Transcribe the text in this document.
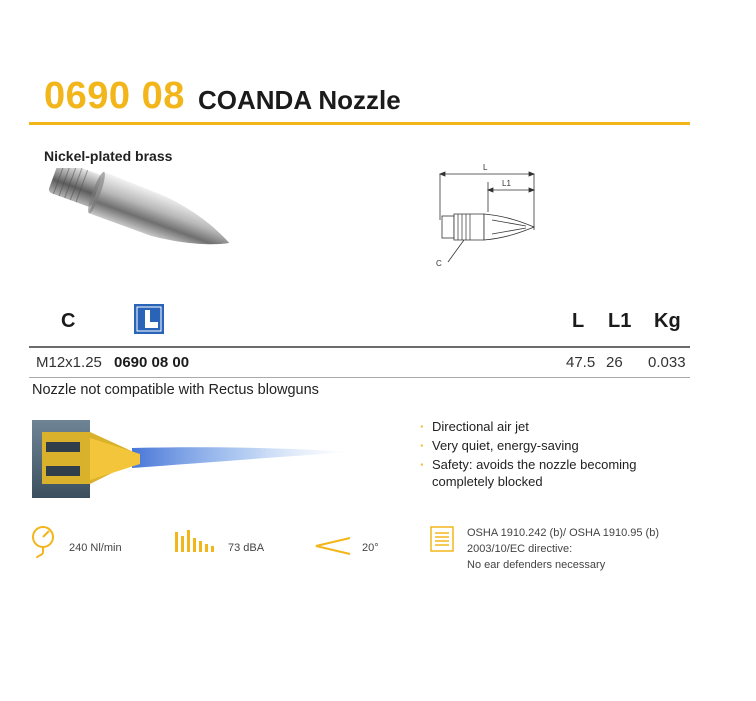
0690 08 COANDA Nozzle
Nickel-plated brass
L
L1
C
C	L L1 Kg
M12x1.25 0690 08 00	47.5 26 0.033
Nozzle not compatible with Rectus blowguns
· Directional air jet
· Very quiet, energy-saving
· Safety: avoids the nozzle becoming completely blocked
240 Nl/min	73 dBA	20°
OSHA 1910.242 (b)/ OSHA 1910.95 (b)
2003/10/EC directive:
No ear defenders necessary
